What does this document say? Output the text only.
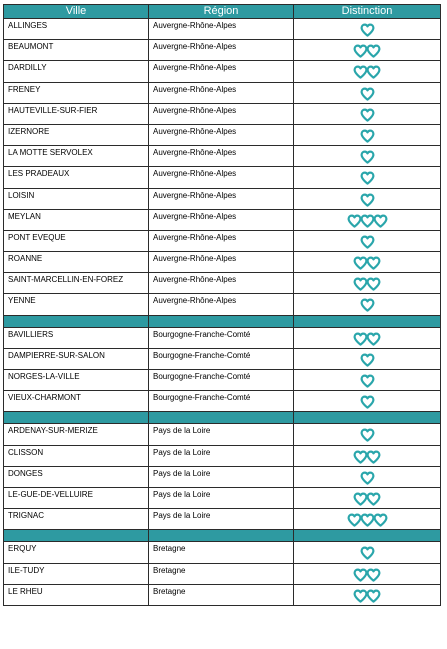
Ville	Région	Distinction
ALLINGES	Auvergne-Rhône-Alpes	
BEAUMONT	Auvergne-Rhône-Alpes	
DARDILLY	Auvergne-Rhône-Alpes	
FRENEY	Auvergne-Rhône-Alpes	
HAUTEVILLE-SUR-FIER	Auvergne-Rhône-Alpes	
IZERNORE	Auvergne-Rhône-Alpes	
LA MOTTE SERVOLEX	Auvergne-Rhône-Alpes	
LES PRADEAUX	Auvergne-Rhône-Alpes	
LOISIN	Auvergne-Rhône-Alpes	
MEYLAN	Auvergne-Rhône-Alpes	
PONT EVEQUE	Auvergne-Rhône-Alpes	
ROANNE	Auvergne-Rhône-Alpes	
SAINT-MARCELLIN-EN-FOREZ	Auvergne-Rhône-Alpes	
YENNE	Auvergne-Rhône-Alpes	

BAVILLIERS	Bourgogne-Franche-Comté	
DAMPIERRE-SUR-SALON	Bourgogne-Franche-Comté	
NORGES-LA-VILLE	Bourgogne-Franche-Comté	
VIEUX-CHARMONT	Bourgogne-Franche-Comté	

ARDENAY-SUR-MERIZE	Pays de la Loire	
CLISSON	Pays de la Loire	
DONGES	Pays de la Loire	
LE-GUE-DE-VELLUIRE	Pays de la Loire	
TRIGNAC	Pays de la Loire	

ERQUY	Bretagne	
ILE-TUDY	Bretagne	
LE RHEU	Bretagne	
